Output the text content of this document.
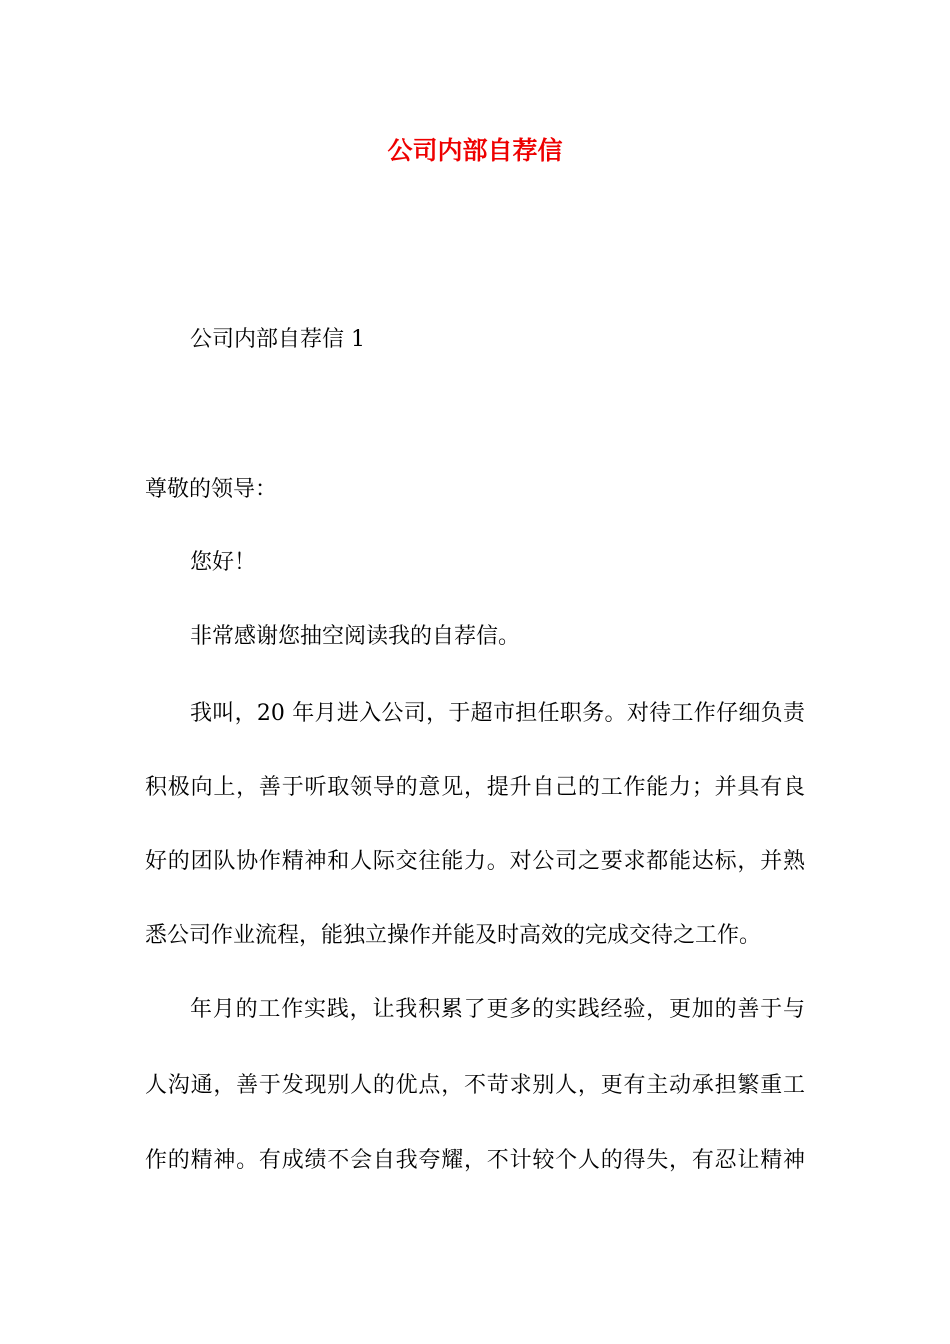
公司内部自荐信
公司内部自荐信 1
尊敬的领导：
您好！
非常感谢您抽空阅读我的自荐信。
我叫，20 年月进入公司，于超市担任职务。对待工作仔细负责
积极向上，善于听取领导的意见，提升自己的工作能力；并具有良
好的团队协作精神和人际交往能力。对公司之要求都能达标，并熟
悉公司作业流程，能独立操作并能及时高效的完成交待之工作。
年月的工作实践，让我积累了更多的实践经验，更加的善于与
人沟通，善于发现别人的优点，不苛求别人，更有主动承担繁重工
作的精神。有成绩不会自我夸耀，不计较个人的得失，有忍让精神
